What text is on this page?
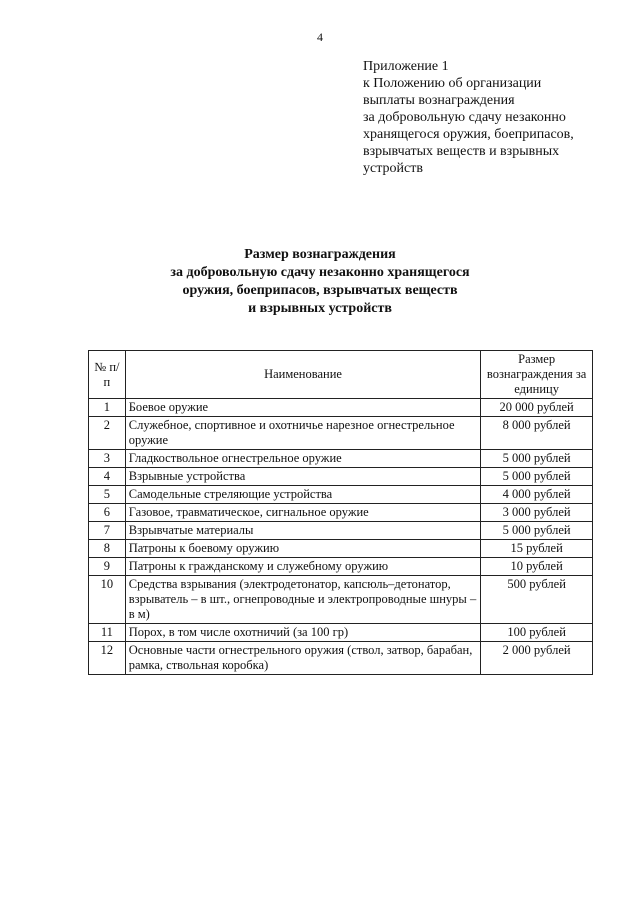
4
Приложение 1
к Положению об организации
выплаты вознаграждения
за добровольную сдачу незаконно
хранящегося оружия, боеприпасов,
взрывчатых веществ и взрывных
устройств
Размер вознаграждения
за добровольную сдачу незаконно хранящегося
оружия, боеприпасов, взрывчатых веществ
и взрывных устройств
№ п/п	Наименование	Размер вознаграждения за единицу
1	Боевое оружие	20 000 рублей
2	Служебное, спортивное и охотничье нарезное огнестрельное оружие	8 000 рублей
3	Гладкоствольное огнестрельное оружие	5 000 рублей
4	Взрывные устройства	5 000 рублей
5	Самодельные стреляющие устройства	4 000 рублей
6	Газовое, травматическое, сигнальное оружие	3 000 рублей
7	Взрывчатые материалы	5 000 рублей
8	Патроны к боевому оружию	15 рублей
9	Патроны к гражданскому и служебному оружию	10 рублей
10	Средства взрывания (электродетонатор, капсюль–детонатор, взрыватель – в шт., огнепроводные и электропроводные шнуры – в м)	500 рублей
11	Порох, в том числе охотничий (за 100 гр)	100 рублей
12	Основные части огнестрельного оружия (ствол, затвор, барабан, рамка, ствольная коробка)	2 000 рублей
